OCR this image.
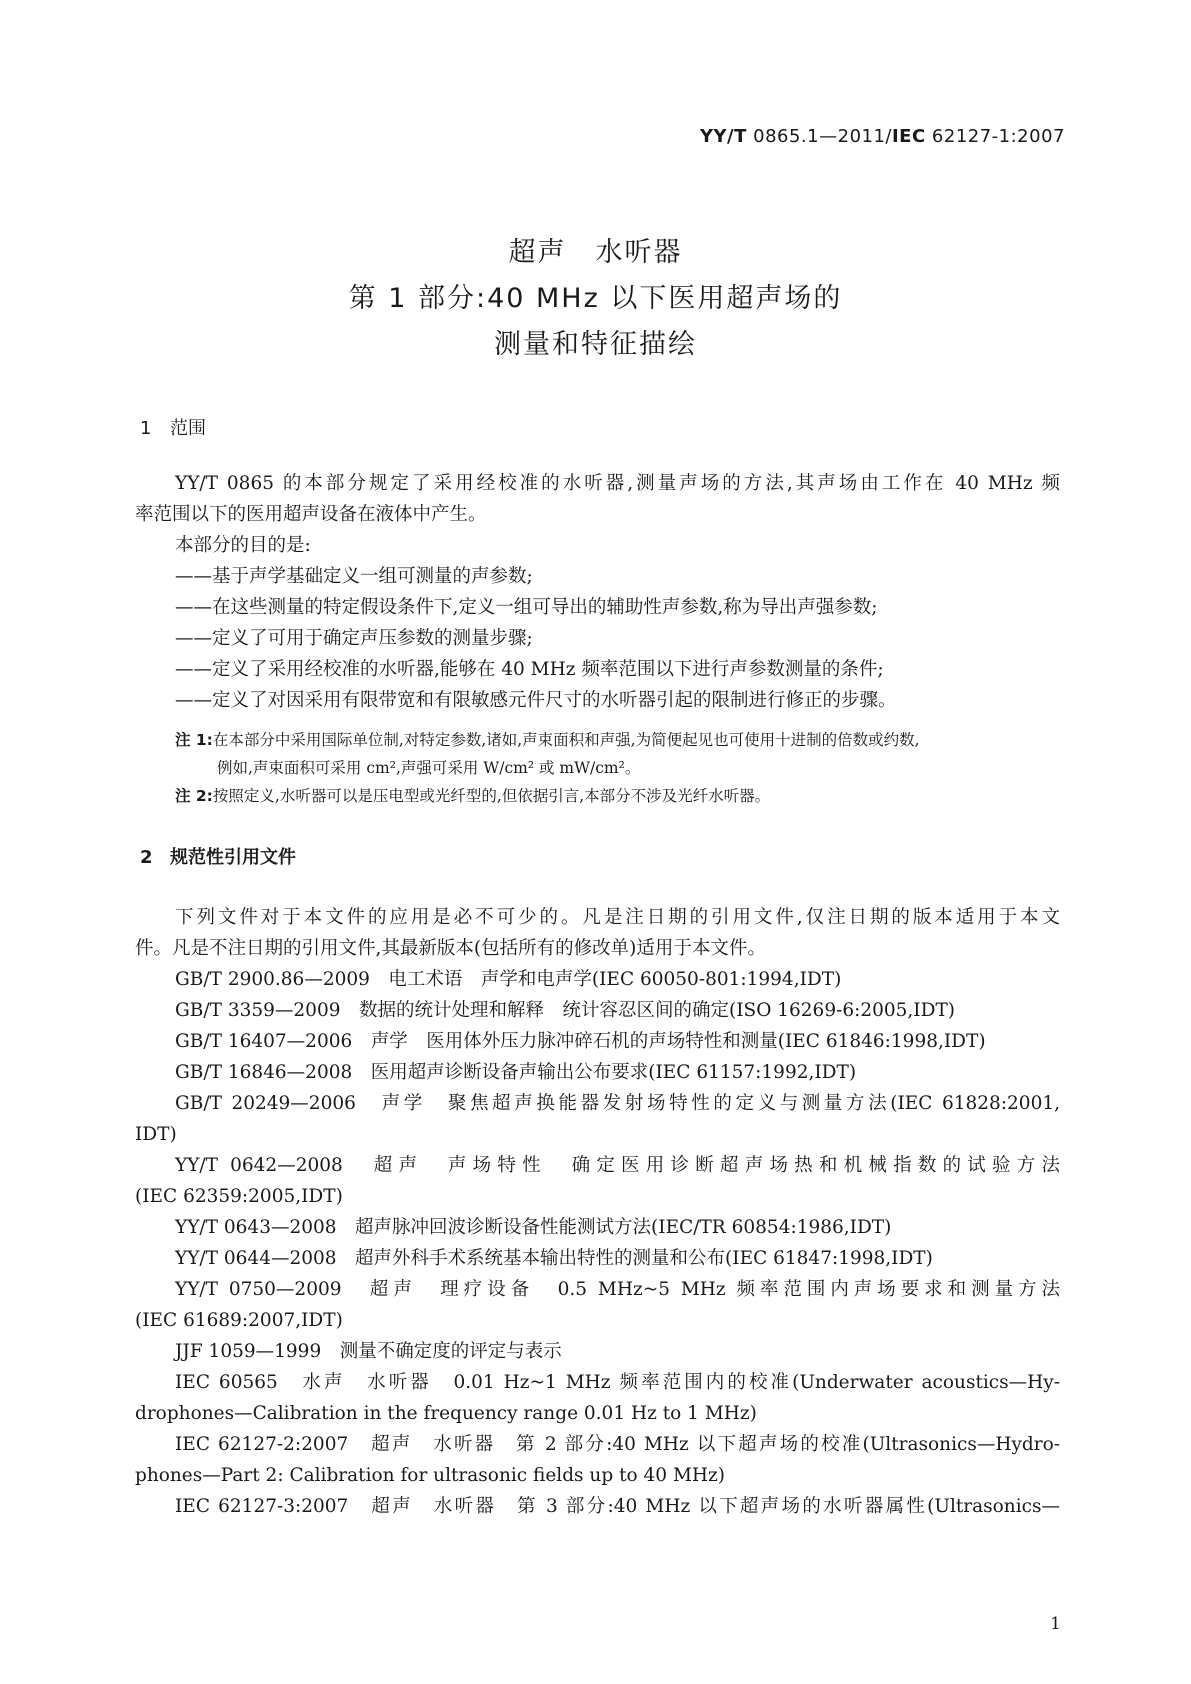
YY/T 0865.1—2011/IEC 62127-1:2007
超声　水听器
第 1 部分:40 MHz 以下医用超声场的
测量和特征描绘
1 范围

YY/T 0865 的本部分规定了采用经校准的水听器,测量声场的方法,其声场由工作在 40 MHz 频

率范围以下的医用超声设备在液体中产生。

本部分的目的是:

——基于声学基础定义一组可测量的声参数;

——在这些测量的特定假设条件下,定义一组可导出的辅助性声参数,称为导出声强参数;

——定义了可用于确定声压参数的测量步骤;

——定义了采用经校准的水听器,能够在 40 MHz 频率范围以下进行声参数测量的条件;

——定义了对因采用有限带宽和有限敏感元件尺寸的水听器引起的限制进行修正的步骤。

注 1:在本部分中采用国际单位制,对特定参数,诸如,声束面积和声强,为简便起见也可使用十进制的倍数或约数,

例如,声束面积可采用 cm²,声强可采用 W/cm² 或 mW/cm²。

注 2:按照定义,水听器可以是压电型或光纤型的,但依据引言,本部分不涉及光纤水听器。

2 规范性引用文件

下列文件对于本文件的应用是必不可少的。凡是注日期的引用文件,仅注日期的版本适用于本文

件。凡是不注日期的引用文件,其最新版本(包括所有的修改单)适用于本文件。

GB/T 2900.86—2009　电工术语　声学和电声学(IEC 60050-801:1994,IDT)

GB/T 3359—2009　数据的统计处理和解释　统计容忍区间的确定(ISO 16269-6:2005,IDT)

GB/T 16407—2006　声学　医用体外压力脉冲碎石机的声场特性和测量(IEC 61846:1998,IDT)

GB/T 16846—2008　医用超声诊断设备声输出公布要求(IEC 61157:1992,IDT)

GB/T 20249—2006　声学　聚焦超声换能器发射场特性的定义与测量方法(IEC 61828:2001,

IDT)

YY/T 0642—2008　超声　声场特性　确定医用诊断超声场热和机械指数的试验方法

(IEC 62359:2005,IDT)

YY/T 0643—2008　超声脉冲回波诊断设备性能测试方法(IEC/TR 60854:1986,IDT)

YY/T 0644—2008　超声外科手术系统基本输出特性的测量和公布(IEC 61847:1998,IDT)

YY/T 0750—2009　超声　理疗设备　0.5 MHz~5 MHz 频率范围内声场要求和测量方法

(IEC 61689:2007,IDT)

JJF 1059—1999　测量不确定度的评定与表示

IEC 60565　水声　水听器　0.01 Hz~1 MHz 频率范围内的校准(Underwater acoustics—Hy-

drophones—Calibration in the frequency range 0.01 Hz to 1 MHz)

IEC 62127-2:2007　超声　水听器　第 2 部分:40 MHz 以下超声场的校准(Ultrasonics—Hydro-

phones—Part 2: Calibration for ultrasonic fields up to 40 MHz)

IEC 62127-3:2007　超声　水听器　第 3 部分:40 MHz 以下超声场的水听器属性(Ultrasonics—

1
